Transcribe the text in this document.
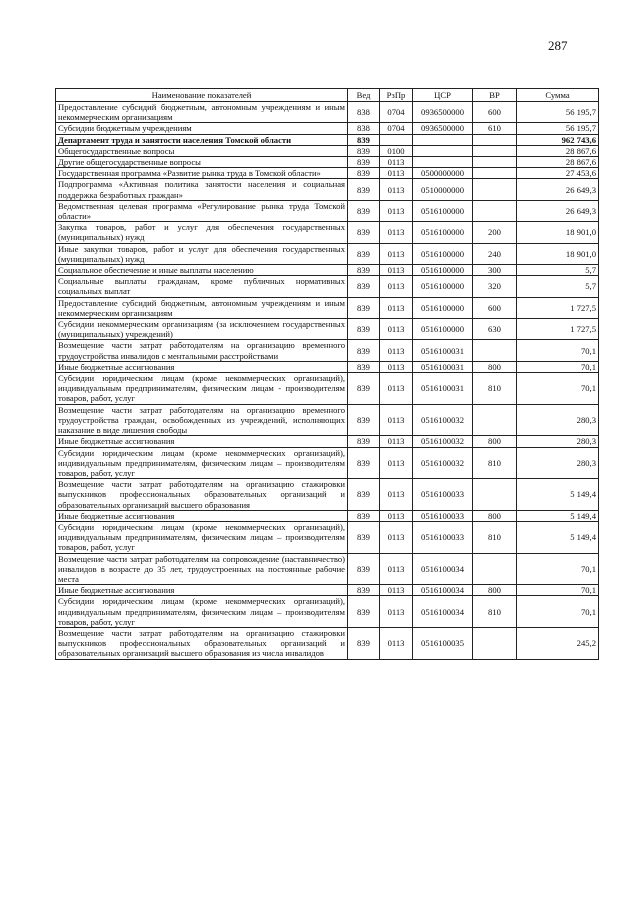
287
Наименование показателей	Вед	РзПр	ЦСР	ВР	Сумма
Предоставление субсидий бюджетным, автономным учреждениям и иным некоммерческим организациям	838	0704	0936500000	600	56 195,7
Субсидии бюджетным учреждениям	838	0704	0936500000	610	56 195,7
Департамент труда и занятости населения Томской области	839				962 743,6
Общегосударственные вопросы	839	0100			28 867,6
Другие общегосударственные вопросы	839	0113			28 867,6
Государственная программа «Развитие рынка труда в Томской области»	839	0113	0500000000		27 453,6
Подпрограмма «Активная политика занятости населения и социальная поддержка безработных граждан»	839	0113	0510000000		26 649,3
Ведомственная целевая программа «Регулирование рынка труда Томской области»	839	0113	0516100000		26 649,3
Закупка товаров, работ и услуг для обеспечения государственных (муниципальных) нужд	839	0113	0516100000	200	18 901,0
Иные закупки товаров, работ и услуг для обеспечения государственных (муниципальных) нужд	839	0113	0516100000	240	18 901,0
Социальное обеспечение и иные выплаты населению	839	0113	0516100000	300	5,7
Социальные выплаты гражданам, кроме публичных нормативных социальных выплат	839	0113	0516100000	320	5,7
Предоставление субсидий бюджетным, автономным учреждениям и иным некоммерческим организациям	839	0113	0516100000	600	1 727,5
Субсидии некоммерческим организациям (за исключением государственных (муниципальных) учреждений)	839	0113	0516100000	630	1 727,5
Возмещение части затрат работодателям на организацию временного трудоустройства инвалидов с ментальными расстройствами	839	0113	0516100031		70,1
Иные бюджетные ассигнования	839	0113	0516100031	800	70,1
Субсидии юридическим лицам (кроме некоммерческих организаций), индивидуальным предпринимателям, физическим лицам - производителям товаров, работ, услуг	839	0113	0516100031	810	70,1
Возмещение части затрат работодателям на организацию временного трудоустройства граждан, освобожденных из учреждений, исполняющих наказание в виде лишения свободы	839	0113	0516100032		280,3
Иные бюджетные ассигнования	839	0113	0516100032	800	280,3
Субсидии юридическим лицам (кроме некоммерческих организаций), индивидуальным предпринимателям, физическим лицам – производителям товаров, работ, услуг	839	0113	0516100032	810	280,3
Возмещение части затрат работодателям на организацию стажировки выпускников профессиональных образовательных организаций и образовательных организаций высшего образования	839	0113	0516100033		5 149,4
Иные бюджетные ассигнования	839	0113	0516100033	800	5 149,4
Субсидии юридическим лицам (кроме некоммерческих организаций), индивидуальным предпринимателям, физическим лицам – производителям товаров, работ, услуг	839	0113	0516100033	810	5 149,4
Возмещение части затрат работодателям на сопровождение (наставничество) инвалидов в возрасте до 35 лет, трудоустроенных на постоянные рабочие места	839	0113	0516100034		70,1
Иные бюджетные ассигнования	839	0113	0516100034	800	70,1
Субсидии юридическим лицам (кроме некоммерческих организаций), индивидуальным предпринимателям, физическим лицам – производителям товаров, работ, услуг	839	0113	0516100034	810	70,1
Возмещение части затрат работодателям на организацию стажировки выпускников профессиональных образовательных организаций и образовательных организаций высшего образования из числа инвалидов	839	0113	0516100035		245,2
